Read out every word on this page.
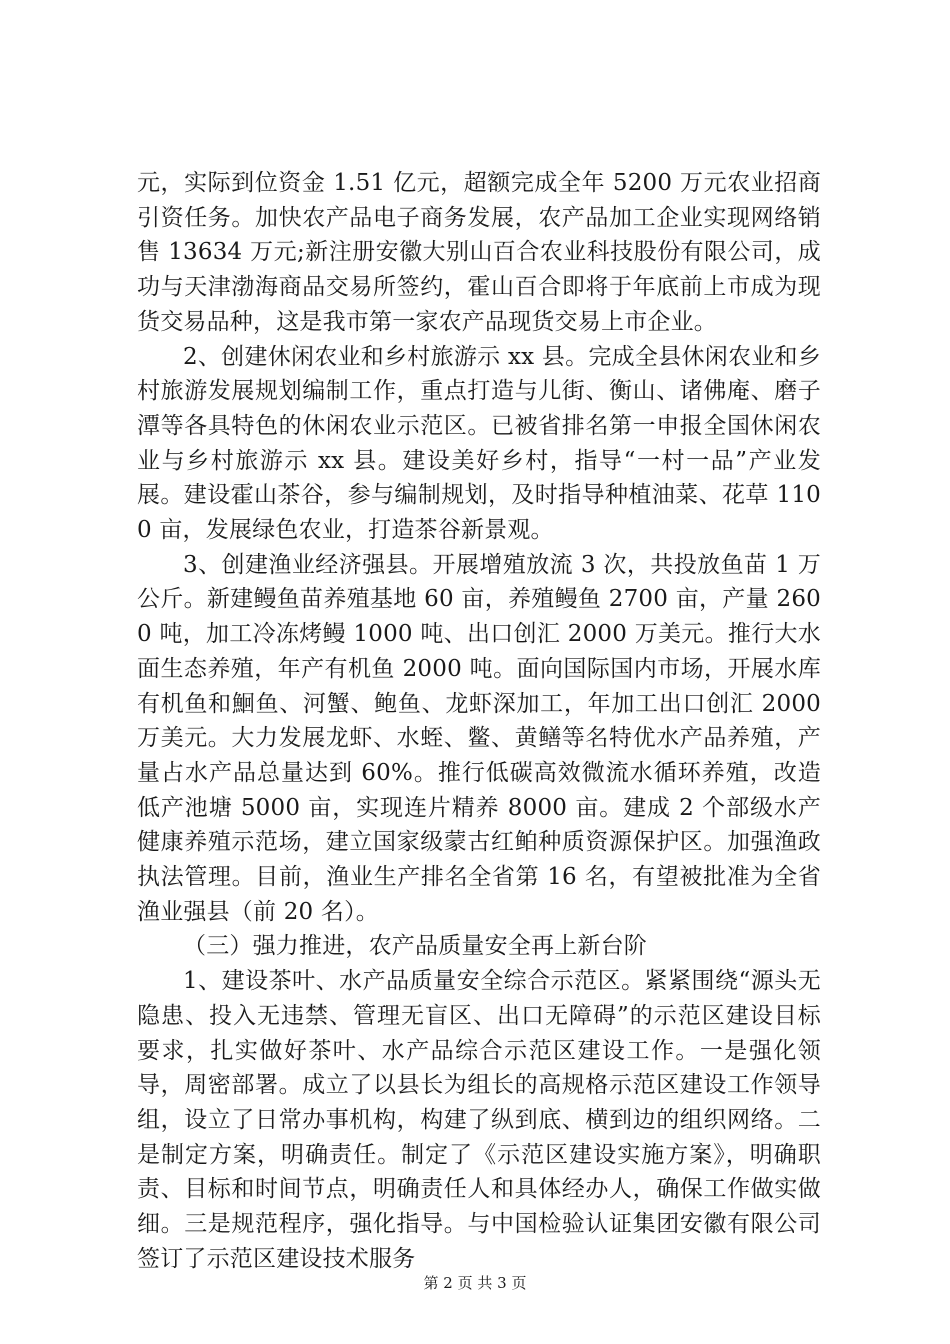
元，实际到位资金 1.51 亿元，超额完成全年 5200 万元农业招商引资任务。加快农产品电子商务发展，农产品加工企业实现网络销售 13634 万元;新注册安徽大别山百合农业科技股份有限公司，成功与天津渤海商品交易所签约，霍山百合即将于年底前上市成为现货交易品种，这是我市第一家农产品现货交易上市企业。

2、创建休闲农业和乡村旅游示 xx 县。完成全县休闲农业和乡村旅游发展规划编制工作，重点打造与儿街、衡山、诸佛庵、磨子潭等各具特色的休闲农业示范区。已被省排名第一申报全国休闲农业与乡村旅游示 xx 县。建设美好乡村，指导“一村一品”产业发展。建设霍山茶谷，参与编制规划，及时指导种植油菜、花草 1100 亩，发展绿色农业，打造茶谷新景观。

3、创建渔业经济强县。开展增殖放流 3 次，共投放鱼苗 1 万公斤。新建鳗鱼苗养殖基地 60 亩，养殖鳗鱼 2700 亩，产量 2600 吨，加工冷冻烤鳗 1000 吨、出口创汇 2000 万美元。推行大水面生态养殖，年产有机鱼 2000 吨。面向国际国内市场，开展水库有机鱼和鮰鱼、河蟹、鲍鱼、龙虾深加工，年加工出口创汇 2000 万美元。大力发展龙虾、水蛭、鳖、黄鳝等名特优水产品养殖，产量占水产品总量达到 60%。推行低碳高效微流水循环养殖，改造低产池塘 5000 亩，实现连片精养 8000 亩。建成 2 个部级水产健康养殖示范场，建立国家级蒙古红鲌种质资源保护区。加强渔政执法管理。目前，渔业生产排名全省第 16 名，有望被批准为全省渔业强县（前 20 名）。

（三）强力推进，农产品质量安全再上新台阶

1、建设茶叶、水产品质量安全综合示范区。紧紧围绕“源头无隐患、投入无违禁、管理无盲区、出口无障碍”的示范区建设目标要求，扎实做好茶叶、水产品综合示范区建设工作。一是强化领导，周密部署。成立了以县长为组长的高规格示范区建设工作领导组，设立了日常办事机构，构建了纵到底、横到边的组织网络。二是制定方案，明确责任。制定了《示范区建设实施方案》，明确职责、目标和时间节点，明确责任人和具体经办人，确保工作做实做细。三是规范程序，强化指导。与中国检验认证集团安徽有限公司签订了示范区建设技术服务

第 2 页 共 3 页
